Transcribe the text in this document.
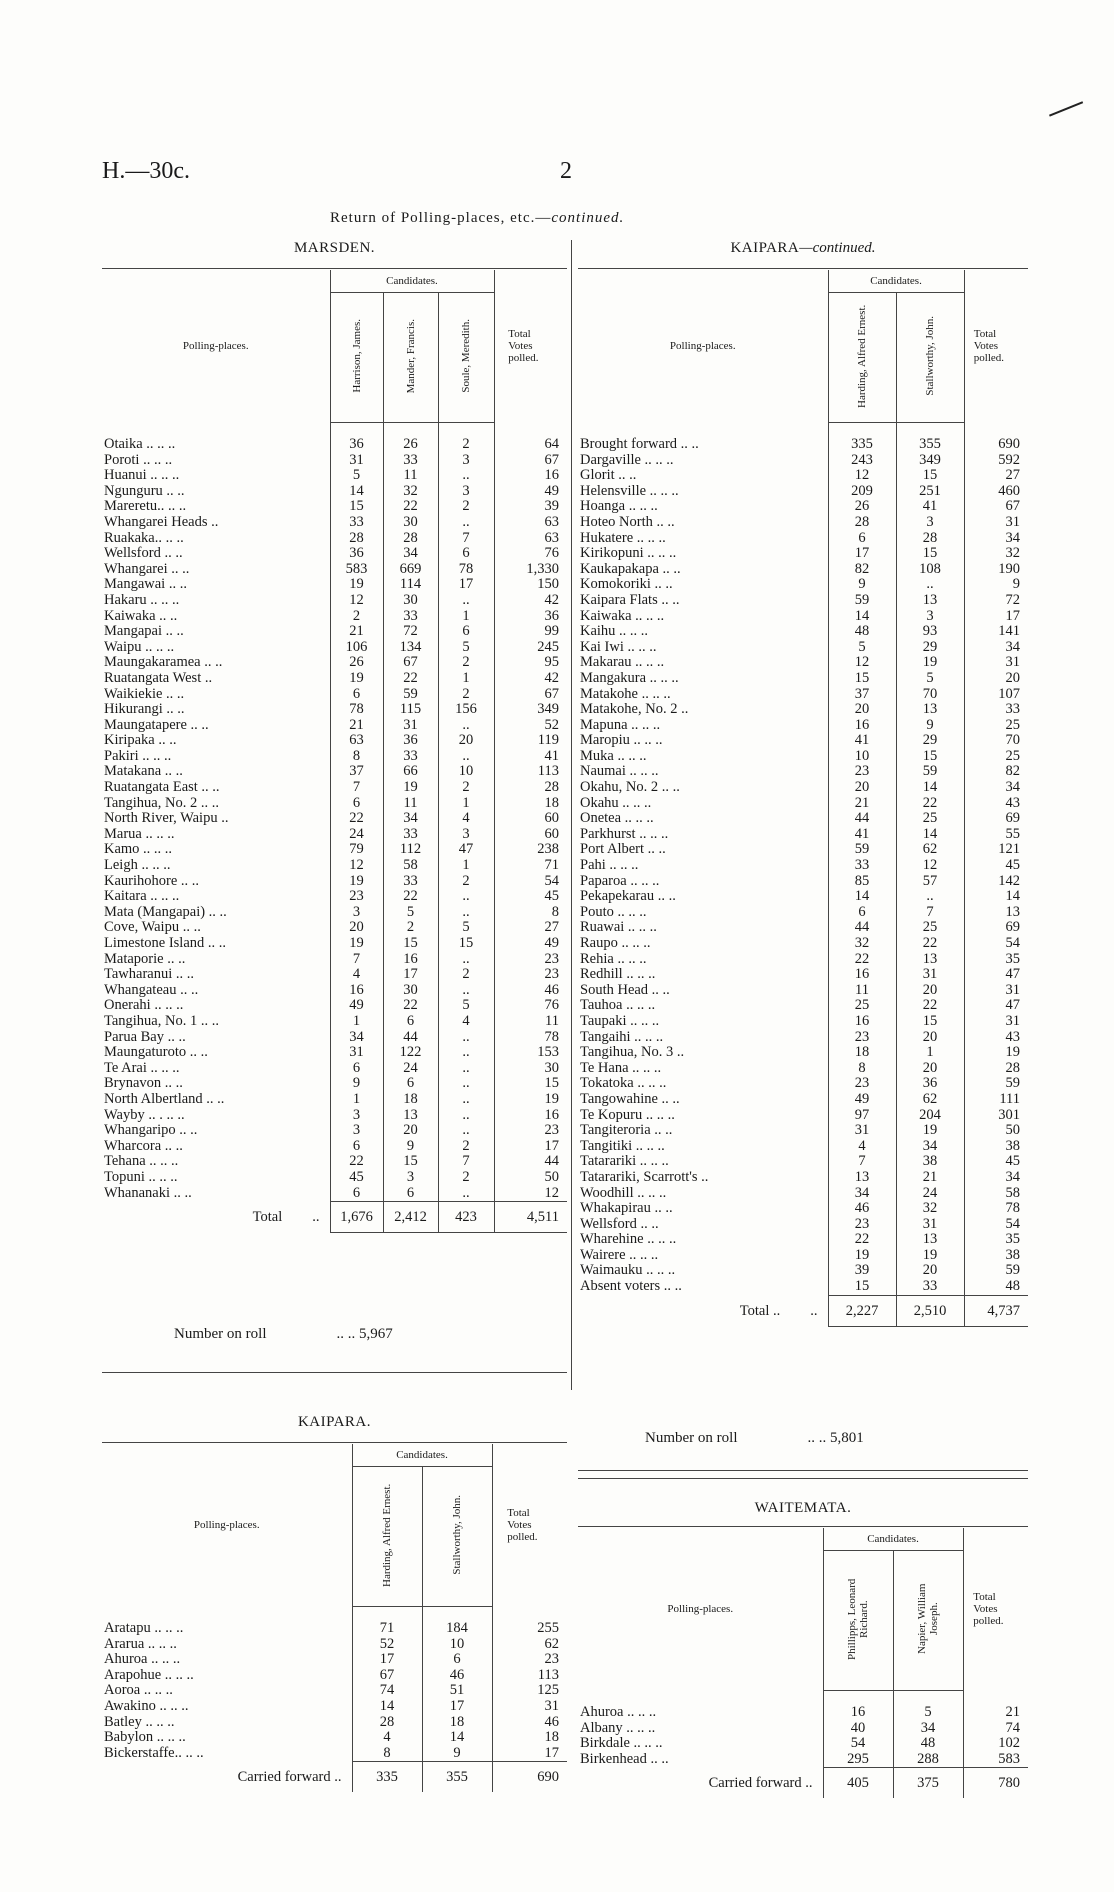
H.—30c.	2
Return of Polling-places, etc.—continued.
MARSDEN.
Polling-places.	Candidates.			Total Votes polled.

	Harrison, James.	Mander, Francis.	Soule, Meredith.	
Otaika .. .. ..	36	26	2	64
Poroti .. .. ..	31	33	3	67
Huanui .. .. ..	5	11	..	16
Ngunguru .. ..	14	32	3	49
Mareretu.. .. ..	15	22	2	39
Whangarei Heads ..	33	30	..	63
Ruakaka.. .. ..	28	28	7	63
Wellsford .. ..	36	34	6	76
Whangarei .. ..	583	669	78	1,330
Mangawai .. ..	19	114	17	150
Hakaru .. .. ..	12	30	..	42
Kaiwaka .. ..	2	33	1	36
Mangapai .. ..	21	72	6	99
Waipu .. .. ..	106	134	5	245
Maungakaramea .. ..	26	67	2	95
Ruatangata West ..	19	22	1	42
Waikiekie .. ..	6	59	2	67
Hikurangi .. ..	78	115	156	349
Maungatapere .. ..	21	31	..	52
Kiripaka .. ..	63	36	20	119
Pakiri .. .. ..	8	33	..	41
Matakana .. ..	37	66	10	113
Ruatangata East .. ..	7	19	2	28
Tangihua, No. 2 .. ..	6	11	1	18
North River, Waipu ..	22	34	4	60
Marua .. .. ..	24	33	3	60
Kamo .. .. ..	79	112	47	238
Leigh .. .. ..	12	58	1	71
Kaurihohore .. ..	19	33	2	54
Kaitara .. .. ..	23	22	..	45
Mata (Mangapai) .. ..	3	5	..	8
Cove, Waipu .. ..	20	2	5	27
Limestone Island .. ..	19	15	15	49
Mataporie .. ..	7	16	..	23
Tawharanui .. ..	4	17	2	23
Whangateau .. ..	16	30	..	46
Onerahi .. .. ..	49	22	5	76
Tangihua, No. 1 .. ..	1	6	4	11
Parua Bay .. ..	34	44	..	78
Maungaturoto .. ..	31	122	..	153
Te Arai .. .. ..	6	24	..	30
Brynavon .. ..	9	6	..	15
North Albertland .. ..	1	18	..	19
Wayby .. . .. ..	3	13	..	16
Whangaripo .. ..	3	20	..	23
Wharcora .. ..	6	9	2	17
Tehana .. .. ..	22	15	7	44
Topuni .. .. ..	45	3	2	50
Whananaki .. ..	6	6	..	12
Total ..	1,676	2,412	423	4,511
Number on roll	.. .. 5,967
KAIPARA—continued.
Polling-places.	Candidates.		Total Votes polled.

	Harding, Alfred Ernest.	Stallworthy, John.	
Brought forward .. ..	335	355	690
Dargaville .. .. ..	243	349	592
Glorit .. ..	12	15	27
Helensville .. .. ..	209	251	460
Hoanga .. .. ..	26	41	67
Hoteo North .. ..	28	3	31
Hukatere .. .. ..	6	28	34
Kirikopuni .. .. ..	17	15	32
Kaukapakapa .. ..	82	108	190
Komokoriki .. ..	9	..	9
Kaipara Flats .. ..	59	13	72
Kaiwaka .. .. ..	14	3	17
Kaihu .. .. ..	48	93	141
Kai Iwi .. .. ..	5	29	34
Makarau .. .. ..	12	19	31
Mangakura .. .. ..	15	5	20
Matakohe .. .. ..	37	70	107
Matakohe, No. 2 ..	20	13	33
Mapuna .. .. ..	16	9	25
Maropiu .. .. ..	41	29	70
Muka .. .. ..	10	15	25
Naumai .. .. ..	23	59	82
Okahu, No. 2 .. ..	20	14	34
Okahu .. .. ..	21	22	43
Onetea .. .. ..	44	25	69
Parkhurst .. .. ..	41	14	55
Port Albert .. ..	59	62	121
Pahi .. .. ..	33	12	45
Paparoa .. .. ..	85	57	142
Pekapekarau .. ..	14	..	14
Pouto .. .. ..	6	7	13
Ruawai .. .. ..	44	25	69
Raupo .. .. ..	32	22	54
Rehia .. .. ..	22	13	35
Redhill .. .. ..	16	31	47
South Head .. ..	11	20	31
Tauhoa .. .. ..	25	22	47
Taupaki .. .. ..	16	15	31
Tangaihi .. .. ..	23	20	43
Tangihua, No. 3 ..	18	1	19
Te Hana .. .. ..	8	20	28
Tokatoka .. .. ..	23	36	59
Tangowahine .. ..	49	62	111
Te Kopuru .. .. ..	97	204	301
Tangiteroria .. ..	31	19	50
Tangitiki .. .. ..	4	34	38
Tatarariki .. .. ..	7	38	45
Tatarariki, Scarrott's ..	13	21	34
Woodhill .. .. ..	34	24	58
Whakapirau .. ..	46	32	78
Wellsford .. ..	23	31	54
Wharehine .. .. ..	22	13	35
Wairere .. .. ..	19	19	38
Waimauku .. .. ..	39	20	59
Absent voters .. ..	15	33	48
Total .. ..	2,227	2,510	4,737
Number on roll	.. .. 5,801
KAIPARA.
Polling-places.	Candidates.		Total Votes polled.

	Harding, Alfred Ernest.	Stallworthy, John.	
Aratapu .. .. ..	71	184	255
Ararua .. .. ..	52	10	62
Ahuroa .. .. ..	17	6	23
Arapohue .. .. ..	67	46	113
Aoroa .. .. ..	74	51	125
Awakino .. .. ..	14	17	31
Batley .. .. ..	28	18	46
Babylon .. .. ..	4	14	18
Bickerstaffe.. .. ..	8	9	17
Carried forward ..	335	355	690
WAITEMATA.
Polling-places.	Candidates.		Total Votes polled.

	Phillipps, Leonard Richard.	Napier, William Joseph.	
Ahuroa .. .. ..	16	5	21
Albany .. .. ..	40	34	74
Birkdale .. .. ..	54	48	102
Birkenhead .. ..	295	288	583
Carried forward ..	405	375	780
